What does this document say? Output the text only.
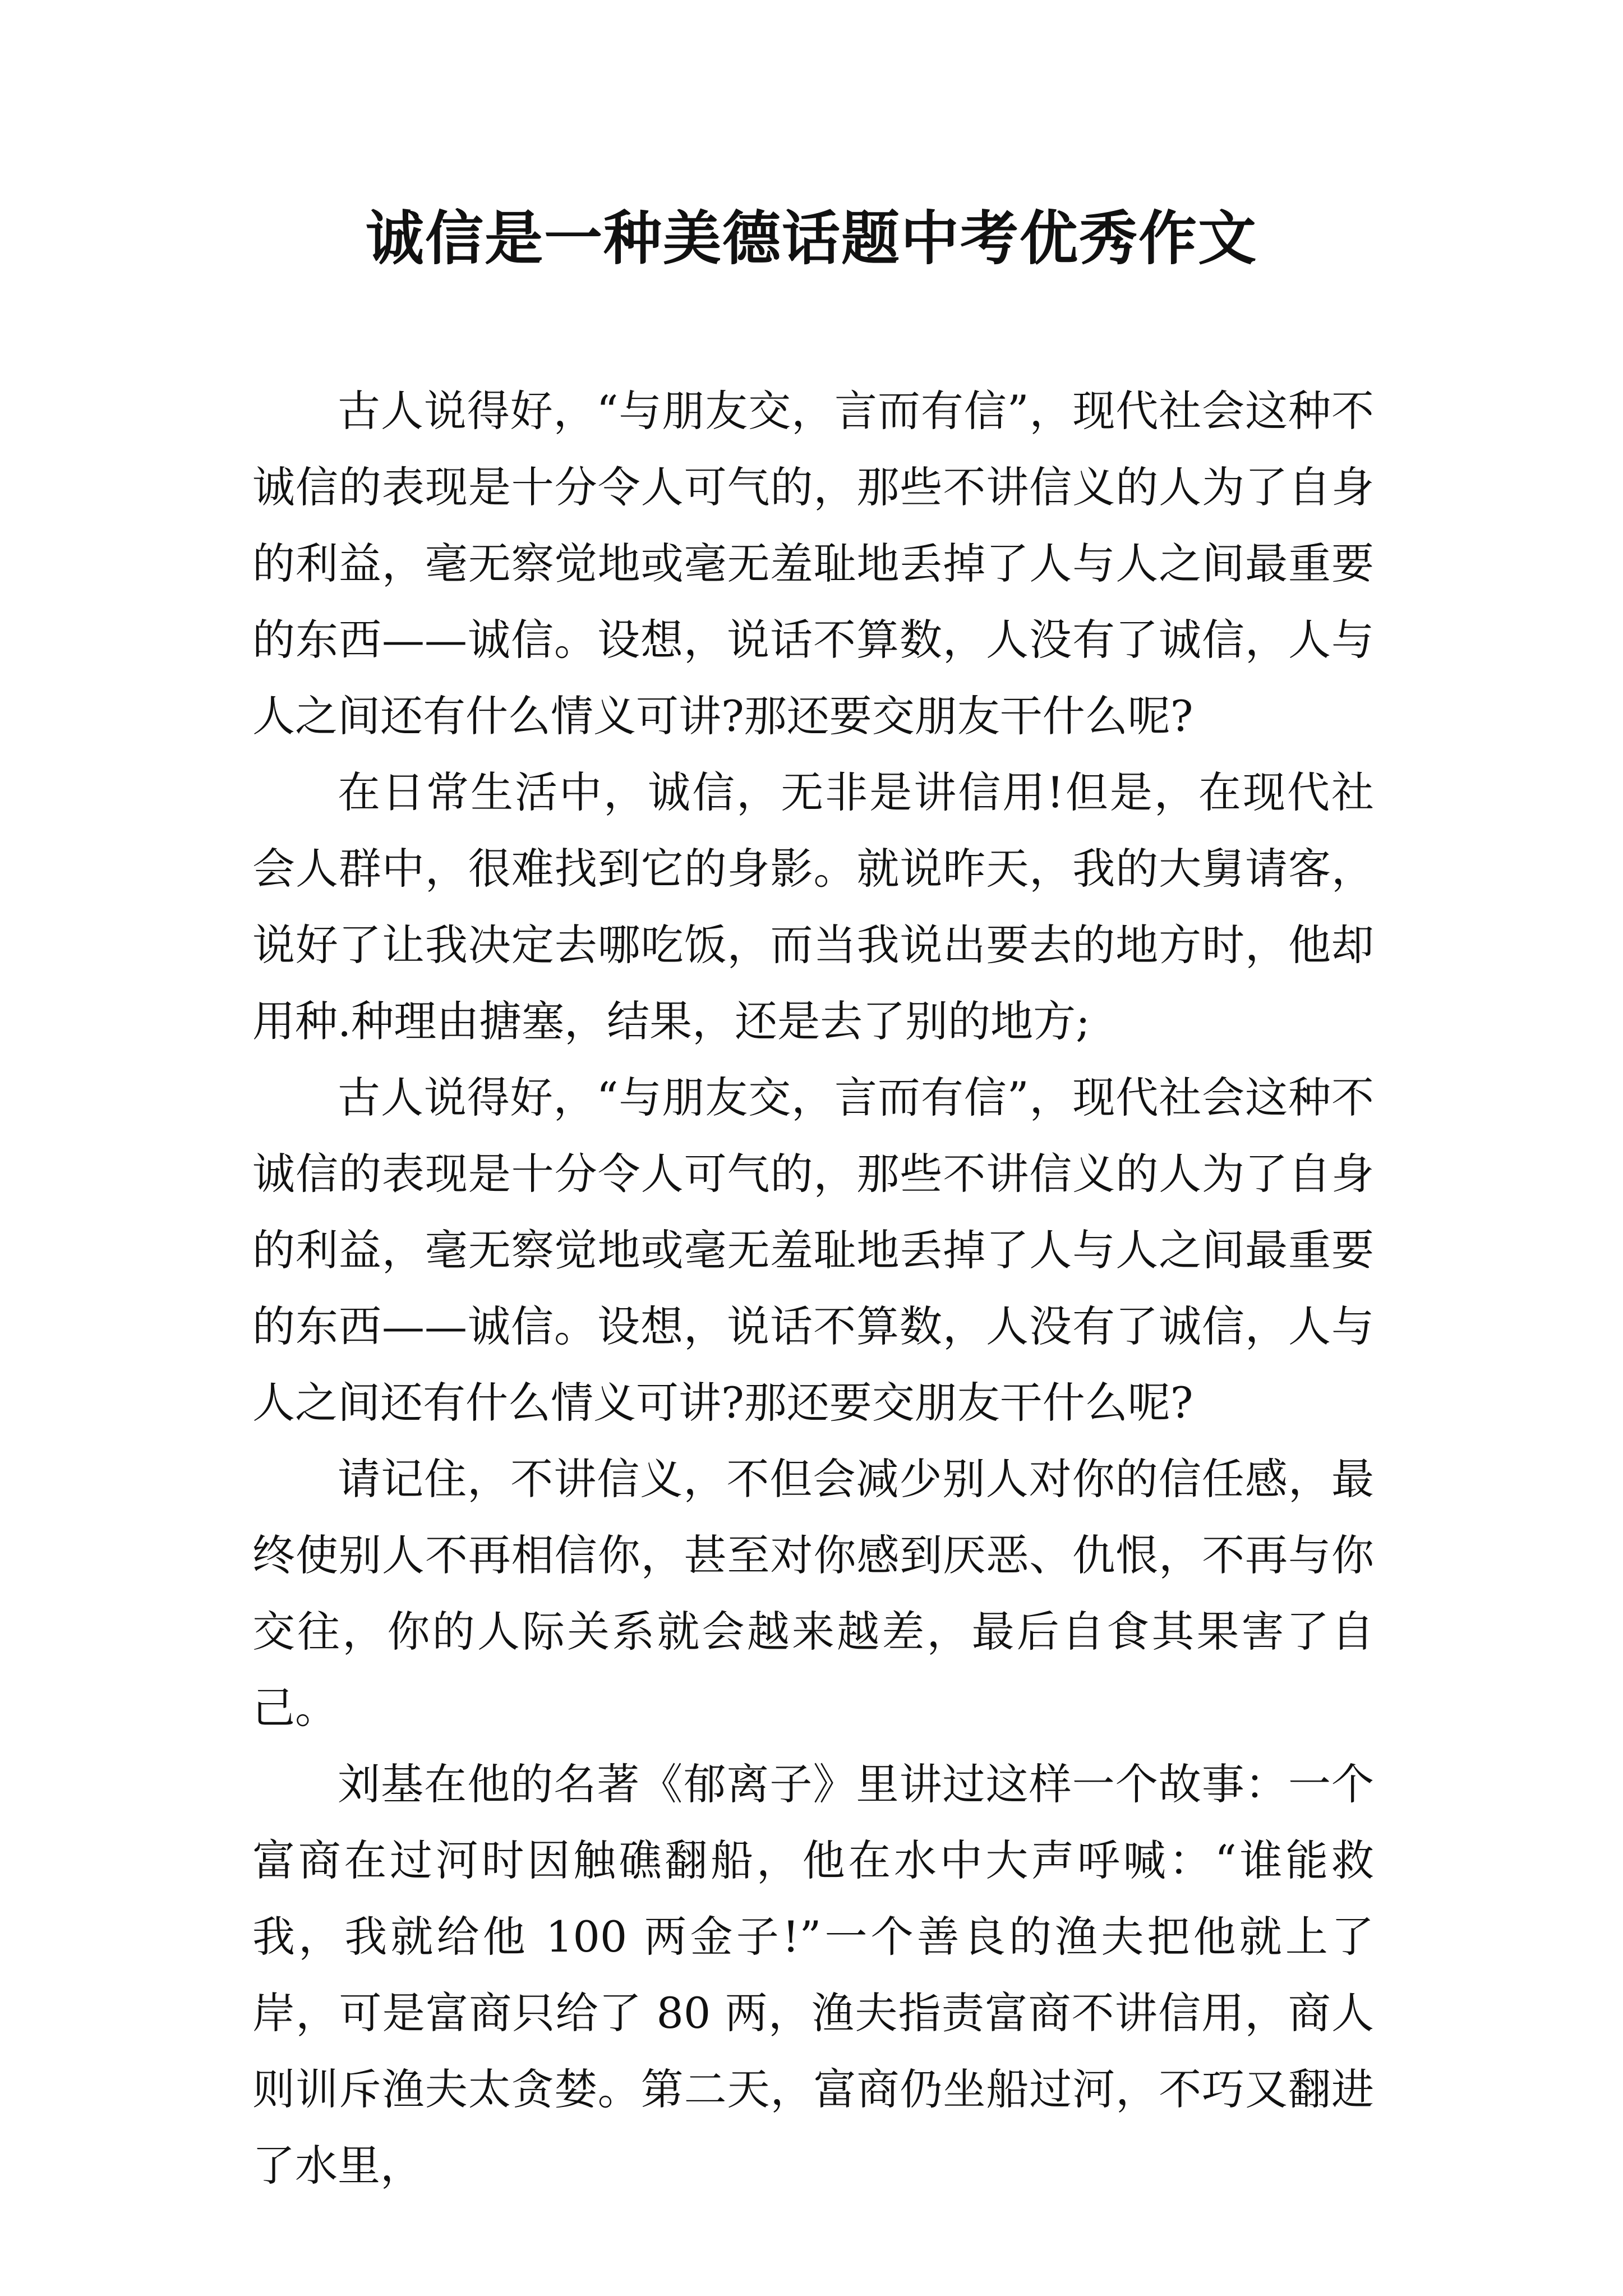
诚信是一种美德话题中考优秀作文

古人说得好，“与朋友交，言而有信”，现代社会这种不诚信的表现是十分令人可气的，那些不讲信义的人为了自身的利益，毫无察觉地或毫无羞耻地丢掉了人与人之间最重要的东西——诚信。设想，说话不算数，人没有了诚信，人与人之间还有什么情义可讲?那还要交朋友干什么呢?

在日常生活中，诚信，无非是讲信用!但是，在现代社会人群中，很难找到它的身影。就说昨天，我的大舅请客，说好了让我决定去哪吃饭，而当我说出要去的地方时，他却用种.种理由搪塞，结果，还是去了别的地方;

古人说得好，“与朋友交，言而有信”，现代社会这种不诚信的表现是十分令人可气的，那些不讲信义的人为了自身的利益，毫无察觉地或毫无羞耻地丢掉了人与人之间最重要的东西——诚信。设想，说话不算数，人没有了诚信，人与人之间还有什么情义可讲?那还要交朋友干什么呢?

请记住，不讲信义，不但会减少别人对你的信任感，最终使别人不再相信你，甚至对你感到厌恶、仇恨，不再与你交往，你的人际关系就会越来越差，最后自食其果害了自己。

刘基在他的名著《郁离子》里讲过这样一个故事：一个富商在过河时因触礁翻船，他在水中大声呼喊：“谁能救我，我就给他 100 两金子!”一个善良的渔夫把他就上了岸，可是富商只给了 80 两，渔夫指责富商不讲信用，商人则训斥渔夫太贪婪。第二天，富商仍坐船过河，不巧又翻进了水里，
